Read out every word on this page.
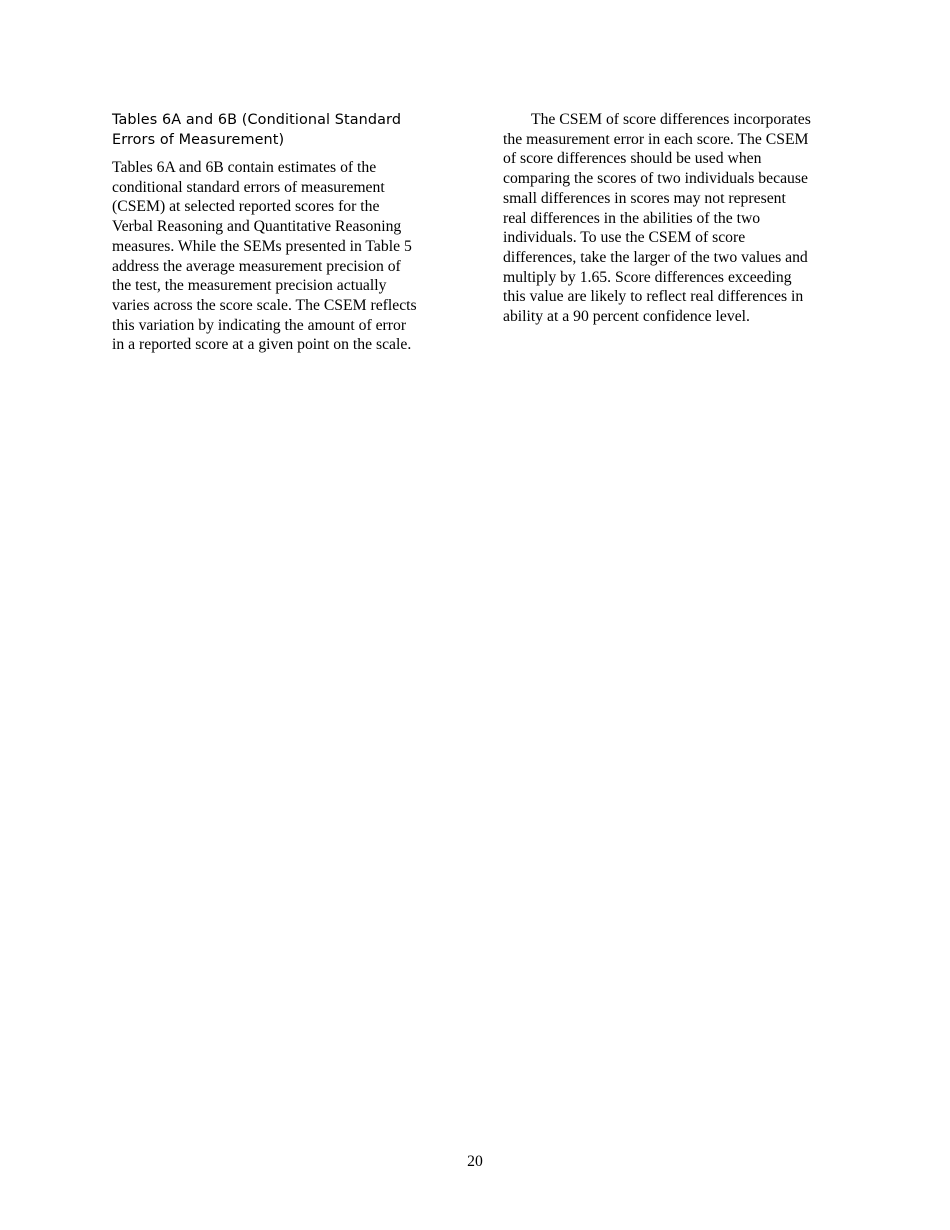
Tables 6A and 6B (Conditional Standard
Errors of Measurement)

Tables 6A and 6B contain estimates of the
conditional standard errors of measurement
(CSEM) at selected reported scores for the
Verbal Reasoning and Quantitative Reasoning
measures. While the SEMs presented in Table 5
address the average measurement precision of
the test, the measurement precision actually
varies across the score scale. The CSEM reflects
this variation by indicating the amount of error
in a reported score at a given point on the scale.

The CSEM of score differences incorporates
the measurement error in each score. The CSEM
of score differences should be used when
comparing the scores of two individuals because
small differences in scores may not represent
real differences in the abilities of the two
individuals. To use the CSEM of score
differences, take the larger of the two values and
multiply by 1.65. Score differences exceeding
this value are likely to reflect real differences in
ability at a 90 percent confidence level.

20
